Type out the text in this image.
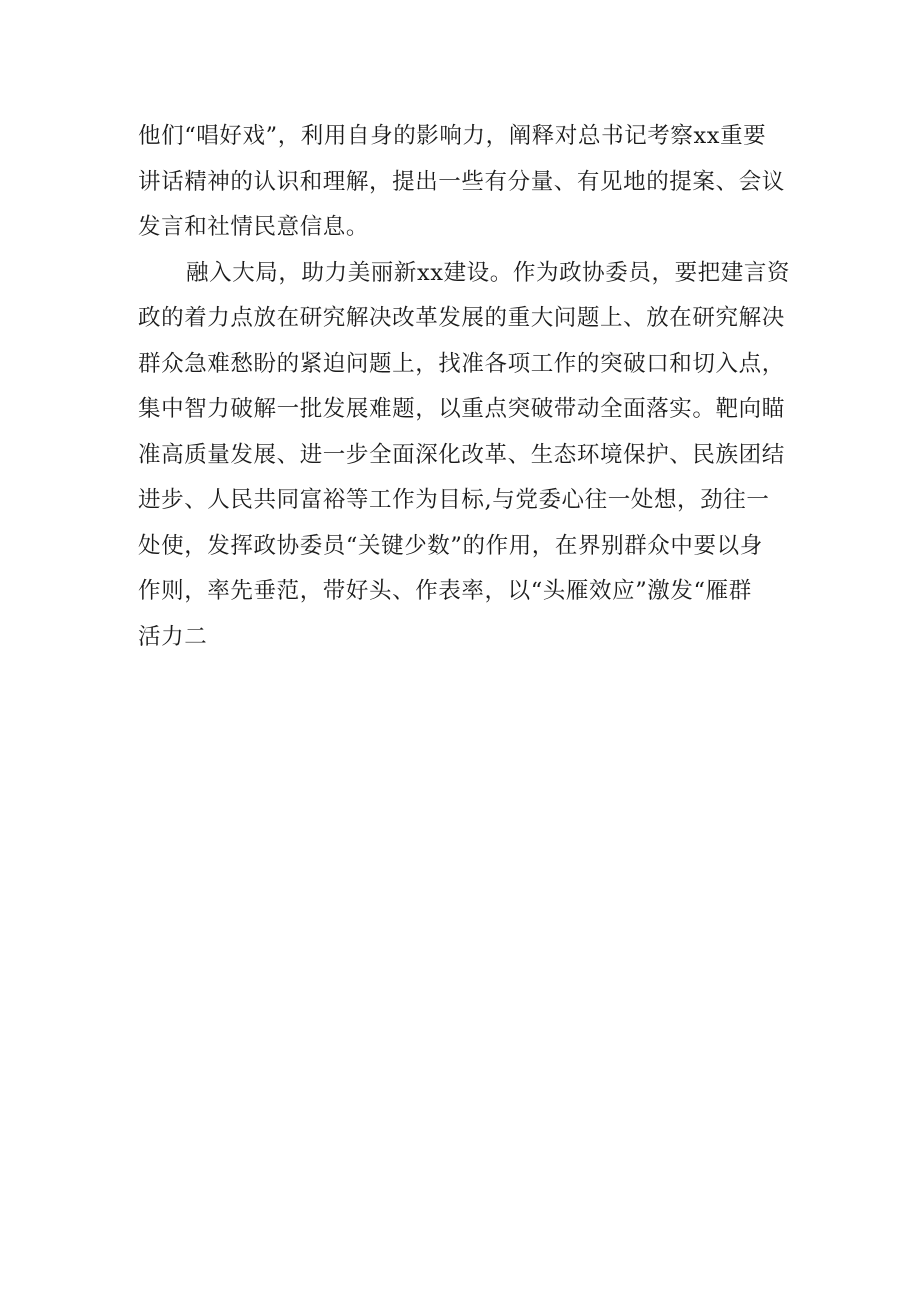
他们“唱好戏”，利用自身的影响力，阐释对总书记考察xx重要
讲话精神的认识和理解，提出一些有分量、有见地的提案、会议
发言和社情民意信息。
融入大局，助力美丽新xx建设。作为政协委员，要把建言资
政的着力点放在研究解决改革发展的重大问题上、放在研究解决
群众急难愁盼的紧迫问题上，找准各项工作的突破口和切入点，
集中智力破解一批发展难题，以重点突破带动全面落实。靶向瞄
准高质量发展、进一步全面深化改革、生态环境保护、民族团结
进步、人民共同富裕等工作为目标,与党委心往一处想，劲往一
处使，发挥政协委员“关键少数”的作用，在界别群众中要以身
作则，率先垂范，带好头、作表率，以“头雁效应”激发“雁群
活力二
